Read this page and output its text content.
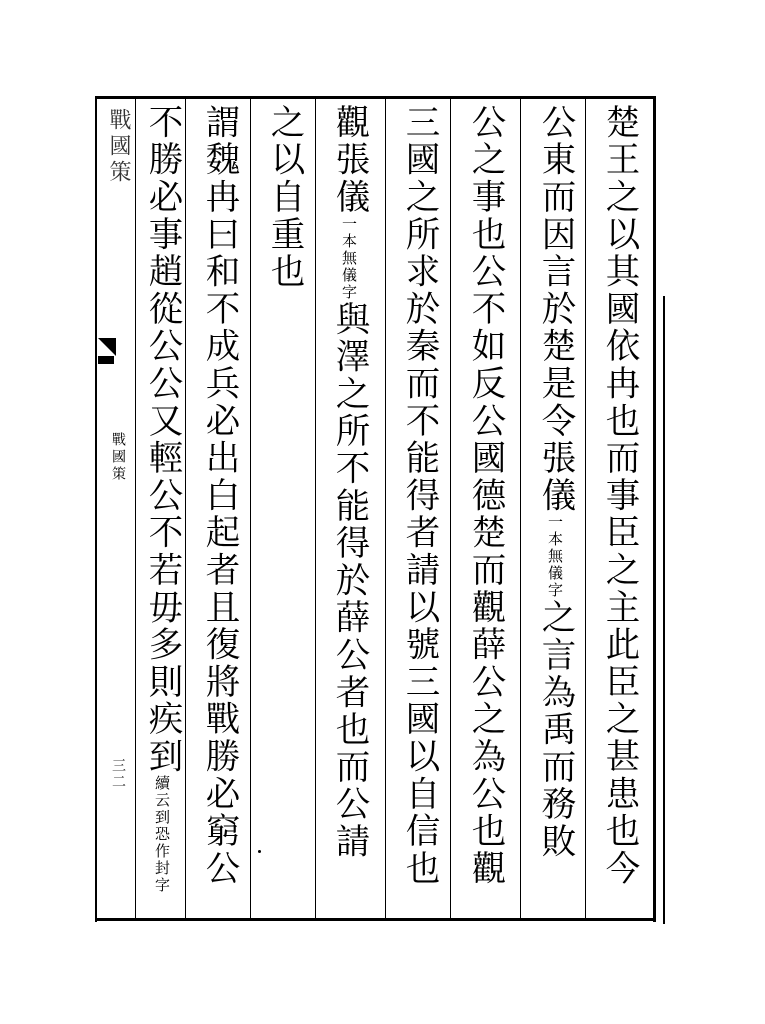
戰國策
戰國策
三二	楚王之以其國依冉也而事臣之主此臣之甚患也今
公東而因言於楚是令張儀一本無儀字之言為禹而務敗
公之事也公不如反公國德楚而觀薛公之為公也觀
三國之所求於秦而不能得者請以號三國以自信也
觀張儀一本無儀字與澤之所不能得於薛公者也而公請
之以自重也
謂魏冉曰和不成兵必出白起者且復將戰勝必窮公
不勝必事趙從公公又輕公不若毋多則疾到續云到恐作封字
